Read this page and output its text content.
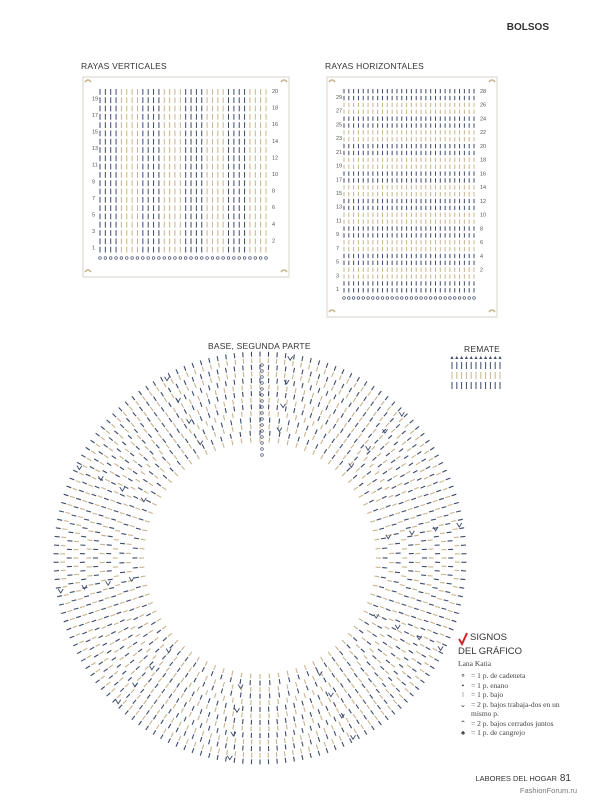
BOLSOS
RAYAS VERTICALES
19
17
15
13
11
9
7
5
3
1
20
18
16
14
12
10
8
6
4
2
RAYAS HORIZONTALES
29
27
25
23
21
19
17
15
13
11
9
7
5
3
1
28
26
24
22
20
18
16
14
12
10
8
6
4
2
BASE, SEGUNDA PARTE	REMATE
SIGNOS
DEL GRÁFICO
Lana Katia
⚬ = 1 p. de cadeneta
• = 1 p. enano
ǀ = 1 p. bajo
⌄ = 2 p. bajos trabaja-dos en un mismo p.
⌃ = 2 p. bajos cerrados juntos
♠ = 1 p. de cangrejo
LABORES DEL HOGAR 81
FashionForum.ru
